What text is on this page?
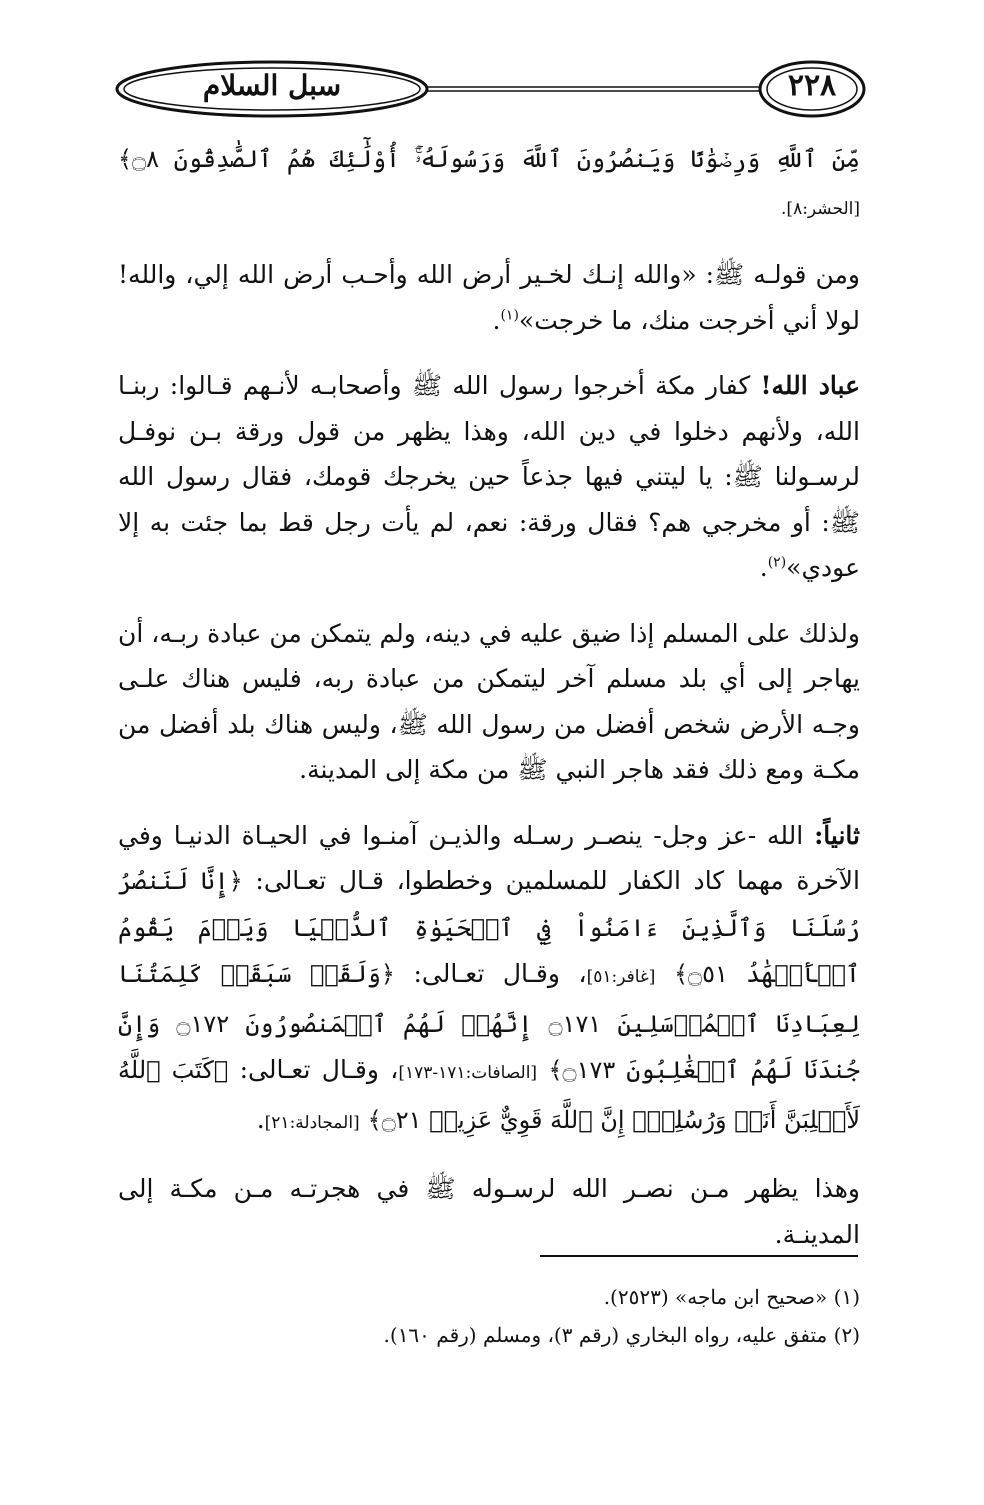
سبل السلام	٢٢٨

مِّنَ ٱللَّهِ وَرِضۡوَٰنًا وَيَنصُرُونَ ٱللَّهَ وَرَسُولَهُۥٓۚ أُوْلَٰٓئِكَ هُمُ ٱلصَّٰدِقُونَ ۝٨﴾ [الحشر:٨].

ومن قولـه ﷺ: «والله إنـك لخـير أرض الله وأحـب أرض الله إلي، والله! لولا أني أخرجت منك، ما خرجت»$^{(١)}$.

عباد الله! كفار مكة أخرجوا رسول الله ﷺ وأصحابـه لأنـهم قـالوا: ربنـا الله، ولأنهم دخلوا في دين الله، وهذا يظهر من قول ورقة بـن نوفـل لرسـولنا ﷺ: يا ليتني فيها جذعاً حين يخرجك قومك، فقال رسول الله ﷺ: أو مخرجي هم؟ فقال ورقة: نعم، لم يأت رجل قط بما جئت به إلا عودي»$^{(٢)}$.

ولذلك على المسلم إذا ضيق عليه في دينه، ولم يتمكن من عبادة ربـه، أن يهاجر إلى أي بلد مسلم آخر ليتمكن من عبادة ربه، فليس هناك علـى وجـه الأرض شخص أفضل من رسول الله ﷺ، وليس هناك بلد أفضل من مكـة ومع ذلك فقد هاجر النبي ﷺ من مكة إلى المدينة.

ثانياً: الله -عز وجل- ينصـر رسـله والذيـن آمنـوا في الحيـاة الدنيـا وفي الآخرة مهما كاد الكفار للمسلمين وخططوا، قـال تعـالى: ﴿إِنَّا لَنَنصُرُ رُسُلَنَا وَٱلَّذِينَ ءَامَنُواْ فِي ٱلۡحَيَوٰةِ ٱلدُّنۡيَا وَيَوۡمَ يَقُومُ ٱلۡأَشۡهَٰدُ ۝٥١﴾ [غافر:٥١]، وقـال تعـالى: ﴿وَلَقَدۡ سَبَقَتۡ كَلِمَتُنَا لِعِبَادِنَا ٱلۡمُرۡسَلِينَ ۝١٧١ إِنَّهُمۡ لَهُمُ ٱلۡمَنصُورُونَ ۝١٧٢ وَإِنَّ جُندَنَا لَهُمُ ٱلۡغَٰلِبُونَ ۝١٧٣﴾ [الصافات:١٧١-١٧٣]، وقـال تعـالى: ﴿كَتَبَ ٱللَّهُ لَأَغۡلِبَنَّ أَنَا۠ وَرُسُلِيٓۚ إِنَّ ٱللَّهَ قَوِيٌّ عَزِيزٞ ۝٢١﴾ [المجادلة:٢١].

وهذا يظهر مـن نصـر الله لرسـوله ﷺ في هجرتـه مـن مكـة إلى المدينـة.

(١) «صحيح ابن ماجه» (٢٥٢٣).
(٢) متفق عليه، رواه البخاري (رقم ٣)، ومسلم (رقم ١٦٠).
